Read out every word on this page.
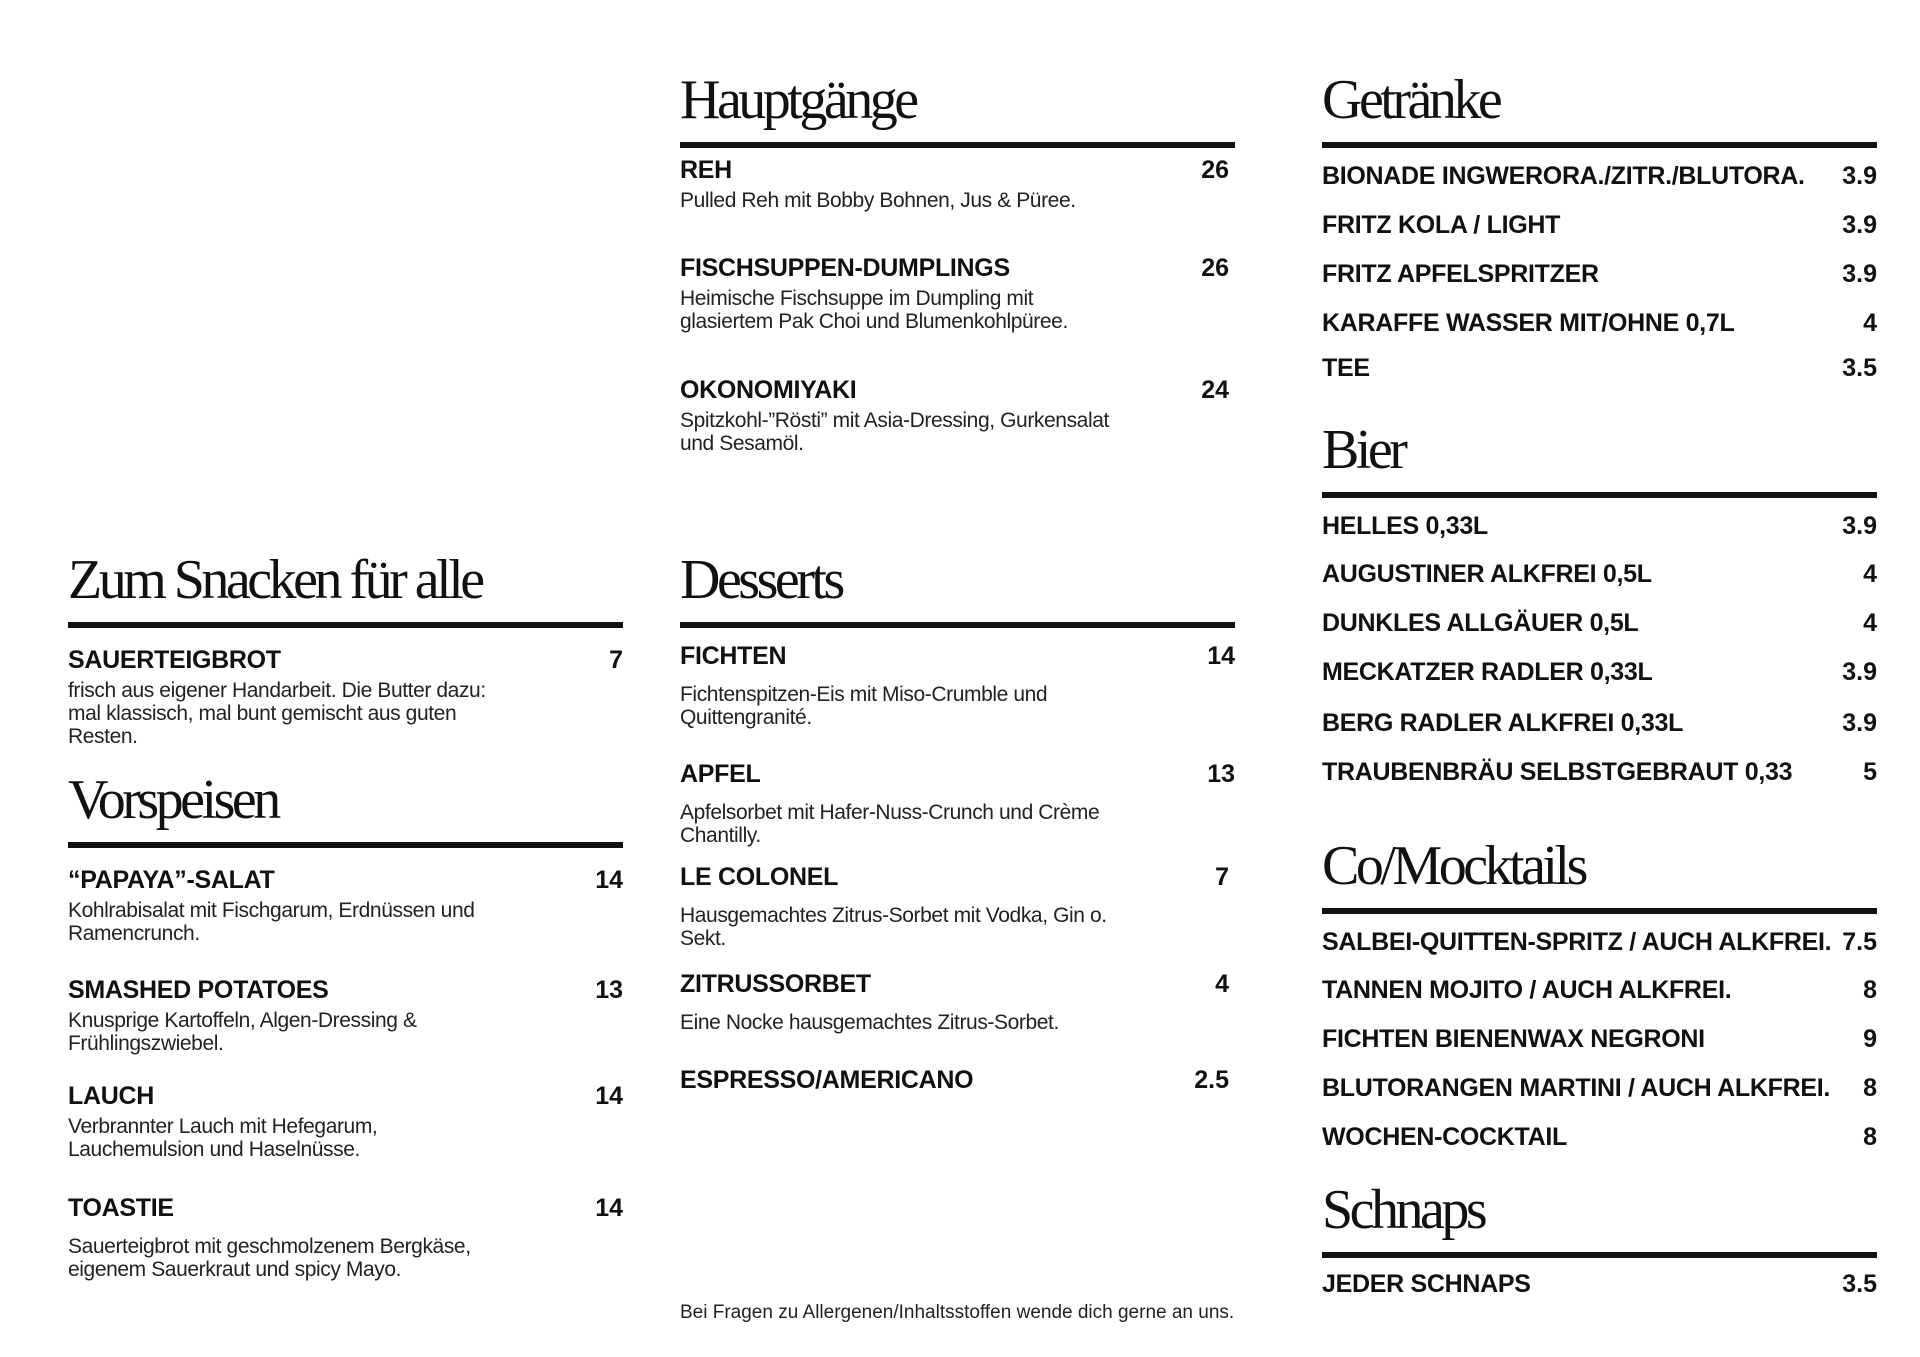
Zum Snacken für alle
SAUERTEIGBROT	7
frisch aus eigener Handarbeit. Die Butter dazu: mal klassisch, mal bunt gemischt aus guten Resten.
Vorspeisen
“PAPAYA”-SALAT	14
Kohlrabisalat mit Fischgarum, Erdnüssen und Ramencrunch.
SMASHED POTATOES	13
Knusprige Kartoffeln, Algen-Dressing & Frühlingszwiebel.
LAUCH	14
Verbrannter Lauch mit Hefegarum, Lauchemulsion und Haselnüsse.
TOASTIE	14
Sauerteigbrot mit geschmolzenem Bergkäse, eigenem Sauerkraut und spicy Mayo.
Hauptgänge
REH	26
Pulled Reh mit Bobby Bohnen, Jus & Püree.
FISCHSUPPEN-DUMPLINGS	26
Heimische Fischsuppe im Dumpling mit glasiertem Pak Choi und Blumenkohlpüree.
OKONOMIYAKI	24
Spitzkohl-”Rösti” mit Asia-Dressing, Gurkensalat und Sesamöl.
Desserts
FICHTEN	14
Fichtenspitzen-Eis mit Miso-Crumble und Quittengranité.
APFEL	13
Apfelsorbet mit Hafer-Nuss-Crunch und Crème Chantilly.
LE COLONEL	7
Hausgemachtes Zitrus-Sorbet mit Vodka, Gin o. Sekt.
ZITRUSSORBET	4
Eine Nocke hausgemachtes Zitrus-Sorbet.
ESPRESSO/AMERICANO	2.5
Getränke
BIONADE INGWERORA./ZITR./BLUTORA.	3.9
FRITZ KOLA / LIGHT	3.9
FRITZ APFELSPRITZER	3.9
KARAFFE WASSER MIT/OHNE 0,7L	4
TEE	3.5
Bier
HELLES 0,33L	3.9
AUGUSTINER ALKFREI 0,5L	4
DUNKLES ALLGÄUER 0,5L	4
MECKATZER RADLER 0,33L	3.9
BERG RADLER ALKFREI 0,33L	3.9
TRAUBENBRÄU SELBSTGEBRAUT 0,33	5
Co/Mocktails
SALBEI-QUITTEN-SPRITZ / AUCH ALKFREI. 7.5
TANNEN MOJITO / AUCH ALKFREI.	8
FICHTEN BIENENWAX NEGRONI	9
BLUTORANGEN MARTINI / AUCH ALKFREI.	8
WOCHEN-COCKTAIL	8
Schnaps
JEDER SCHNAPS	3.5
Bei Fragen zu Allergenen/Inhaltsstoffen wende dich gerne an uns.
